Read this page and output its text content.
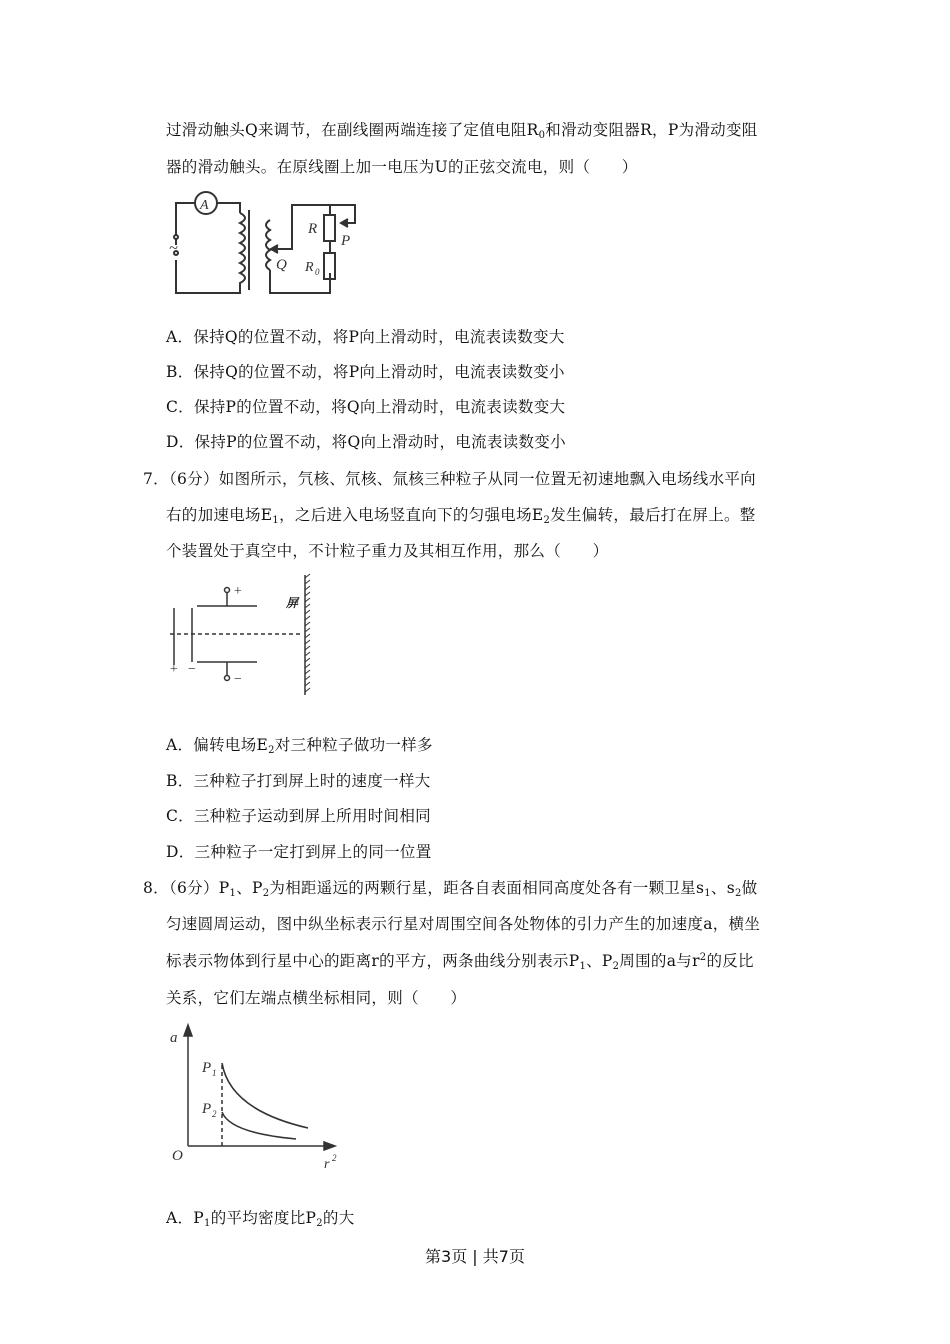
过滑动触头Q来调节，在副线圈两端连接了定值电阻$R_0$和滑动变阻器R，P为滑动变阻
器的滑动触头。在原线圈上加一电压为U的正弦交流电，则（　　）
A．保持Q的位置不动，将P向上滑动时，电流表读数变大
B．保持Q的位置不动，将P向上滑动时，电流表读数变小
C．保持P的位置不动，将Q向上滑动时，电流表读数变大
D．保持P的位置不动，将Q向上滑动时，电流表读数变小
7．（6分）如图所示，氕核、氘核、氚核三种粒子从同一位置无初速地飘入电场线水平向
右的加速电场$E_1$，之后进入电场竖直向下的匀强电场$E_2$发生偏转，最后打在屏上。整
个装置处于真空中，不计粒子重力及其相互作用，那么（　　）
A．偏转电场$E_2$对三种粒子做功一样多
B．三种粒子打到屏上时的速度一样大
C．三种粒子运动到屏上所用时间相同
D．三种粒子一定打到屏上的同一位置
8．（6分）$P_1$、$P_2$为相距遥远的两颗行星，距各自表面相同高度处各有一颗卫星$s_1$、$s_2$做
匀速圆周运动，图中纵坐标表示行星对周围空间各处物体的引力产生的加速度a，横坐
标表示物体到行星中心的距离r的平方，两条曲线分别表示$P_1$、$P_2$周围的a与$r^2$的反比
关系，它们左端点横坐标相同，则（　　）
A．$P_1$的平均密度比$P_2$的大
A
~
R
P
Q R 0
+
−
+ −
屏
a
O
r 2
P 1
P 2
第3页 | 共7页
